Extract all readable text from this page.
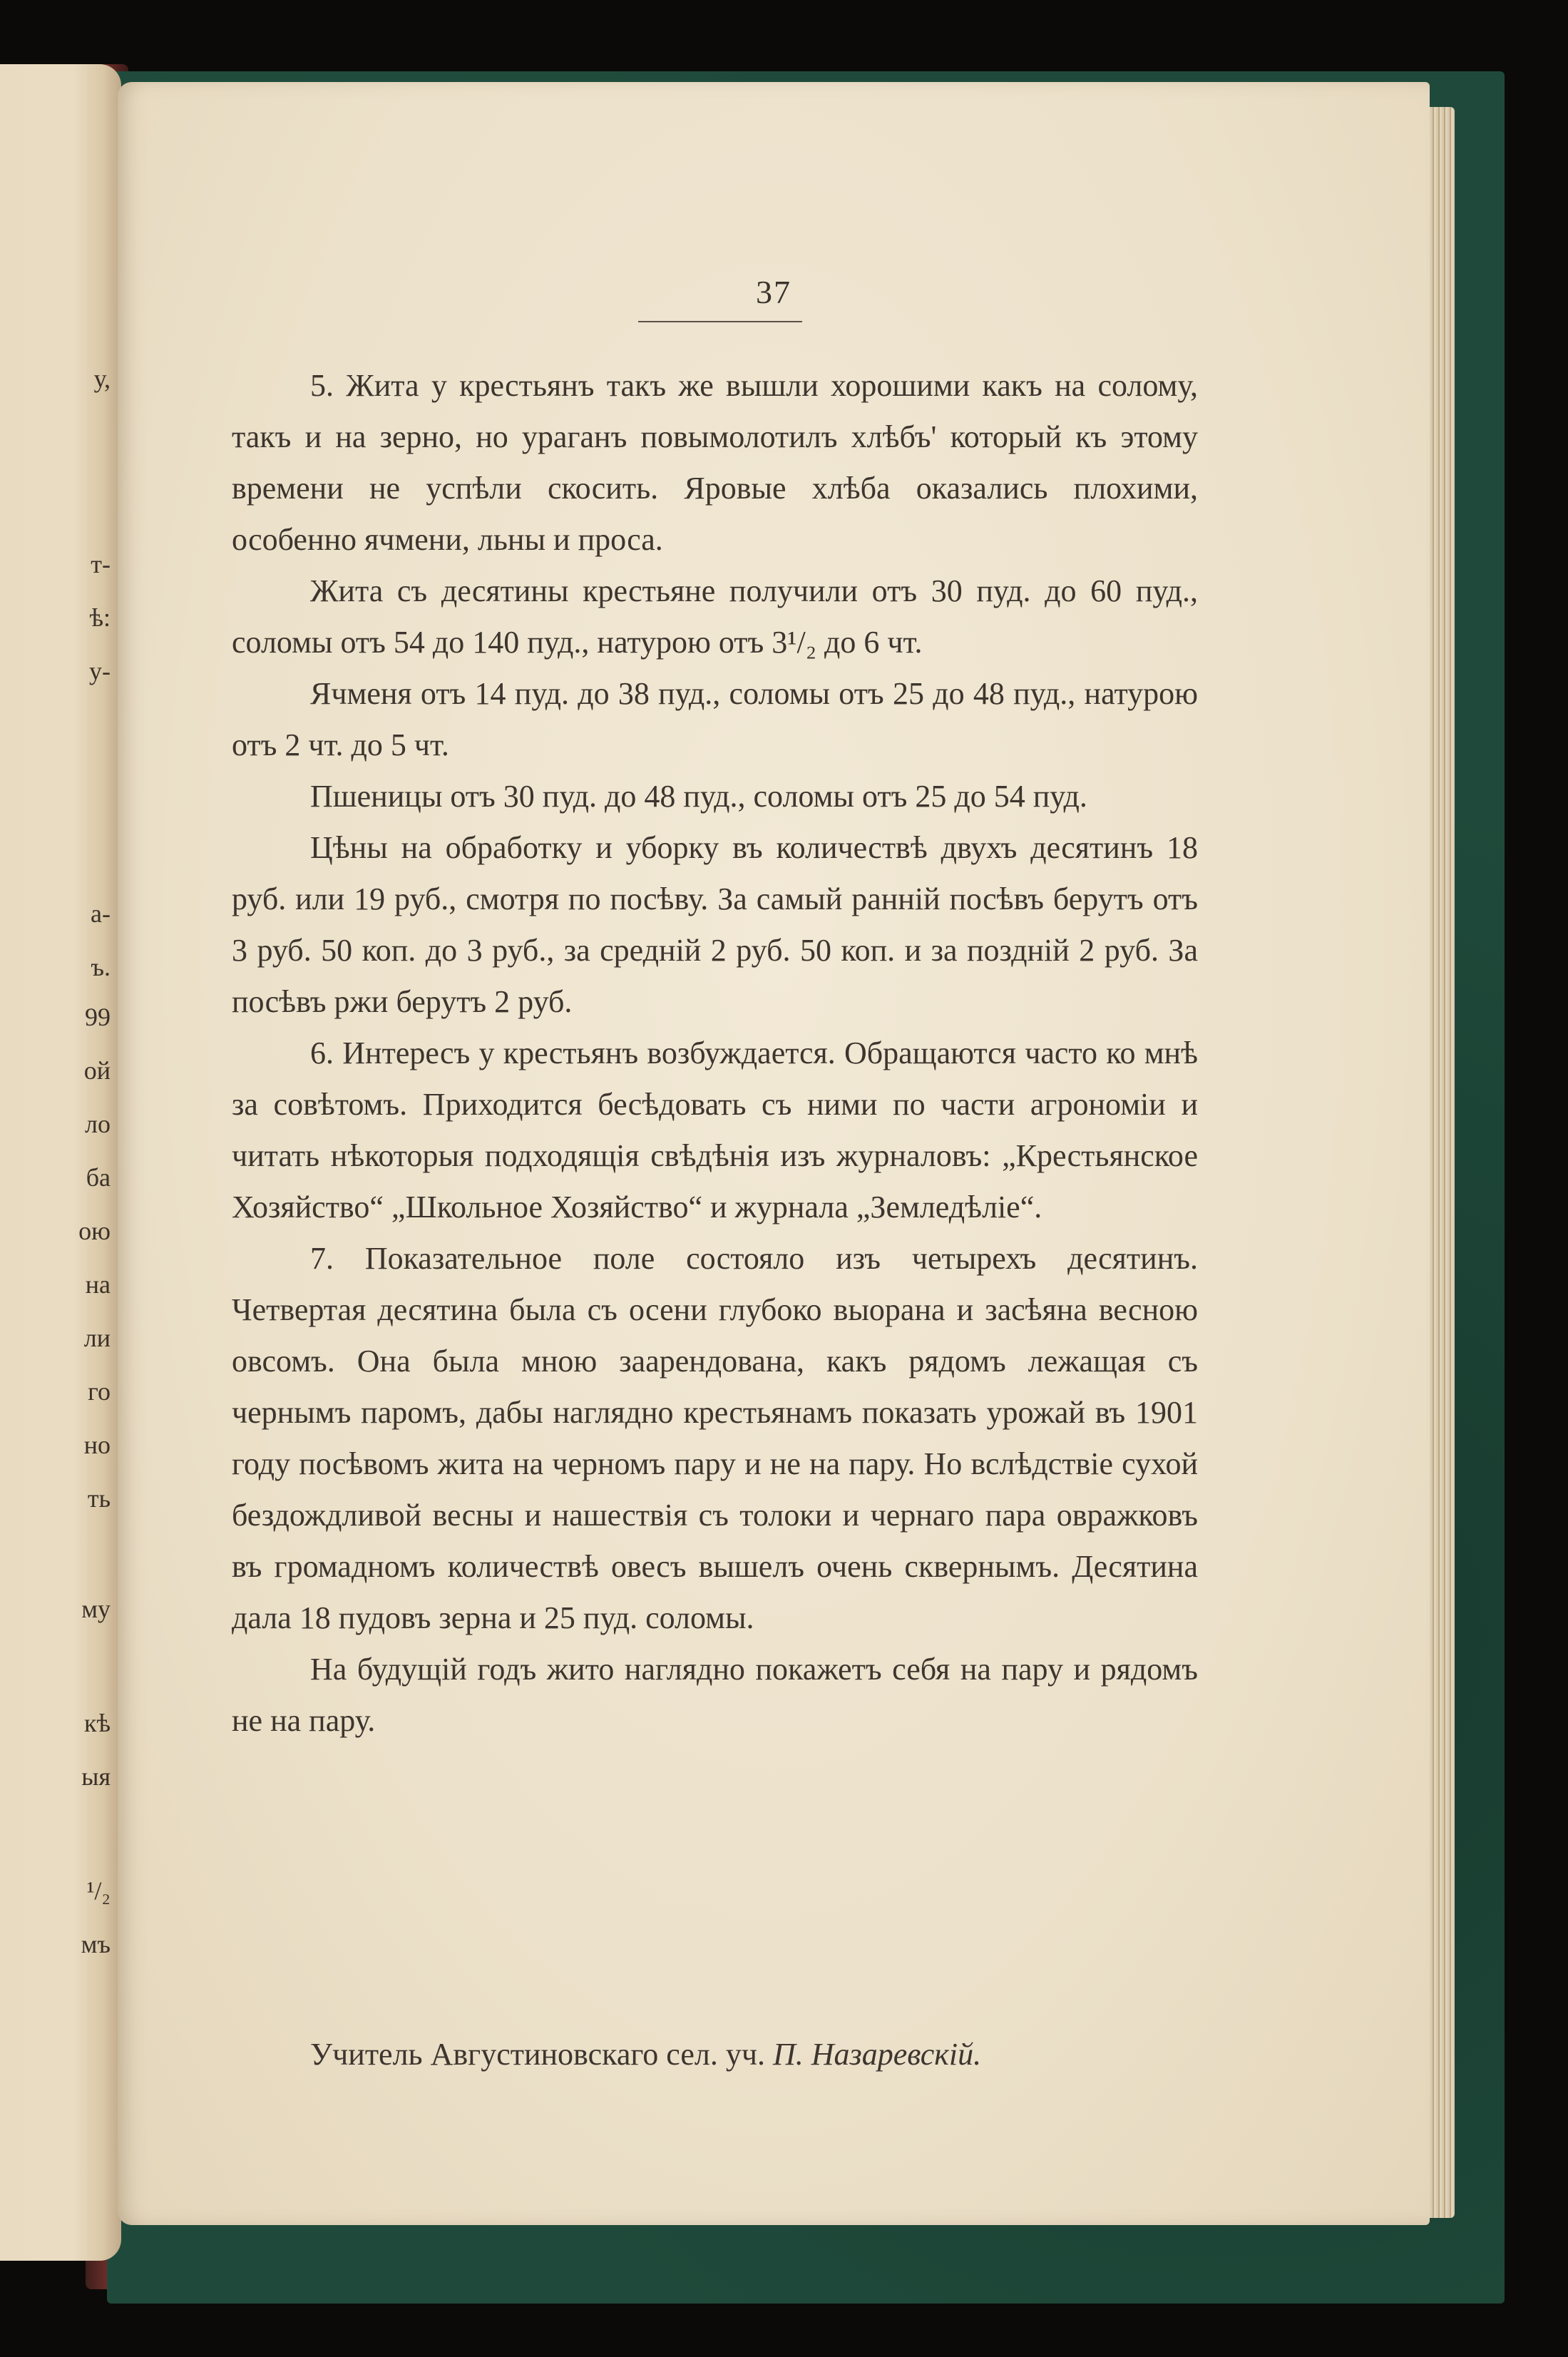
у,
т-
ѣ:
у-
а-
ъ.
99
ой
ло
ба
ою
на
ли
го
но
ть
му
кѣ
ыя
¹/₂
мъ
37

5. Жита у крестьянъ такъ же вышли хорошими какъ на солому, такъ и на зерно, но ураганъ повымолотилъ хлѣбъ' который къ этому времени не успѣли скосить. Яровые хлѣба оказались плохими, особенно ячмени, льны и проса.

Жита съ десятины крестьяне получили отъ 30 пуд. до 60 пуд., соломы отъ 54 до 140 пуд., натурою отъ 3¹/₂ до 6 чт.

Ячменя отъ 14 пуд. до 38 пуд., соломы отъ 25 до 48 пуд., натурою отъ 2 чт. до 5 чт.

Пшеницы отъ 30 пуд. до 48 пуд., соломы отъ 25 до 54 пуд.

Цѣны на обработку и уборку въ количествѣ двухъ десятинъ 18 руб. или 19 руб., смотря по посѣву. За самый ранній посѣвъ берутъ отъ 3 руб. 50 коп. до 3 руб., за средній 2 руб. 50 коп. и за поздній 2 руб. За посѣвъ ржи берутъ 2 руб.

6. Интересъ у крестьянъ возбуждается. Обращаются часто ко мнѣ за совѣтомъ. Приходится бесѣдовать съ ними по части агрономіи и читать нѣкоторыя подходящія свѣдѣнія изъ журналовъ: „Крестьянское Хозяйство“ „Школьное Хозяйство“ и журнала „Земледѣліе“.

7. Показательное поле состояло изъ четырехъ десятинъ. Четвертая десятина была съ осени глубоко выорана и засѣяна весною овсомъ. Она была мною заарендована, какъ рядомъ лежащая съ чернымъ паромъ, дабы наглядно крестьянамъ показать урожай въ 1901 году посѣвомъ жита на черномъ пару и не на пару. Но вслѣдствіе сухой бездождливой весны и нашествія съ толоки и чернаго пара овражковъ въ громадномъ количествѣ овесъ вышелъ очень сквернымъ. Десятина дала 18 пудовъ зерна и 25 пуд. соломы.

На будущій годъ жито наглядно покажетъ себя на пару и рядомъ не на пару.

Учитель Августиновскаго сел. уч. П. Назаревскій.
